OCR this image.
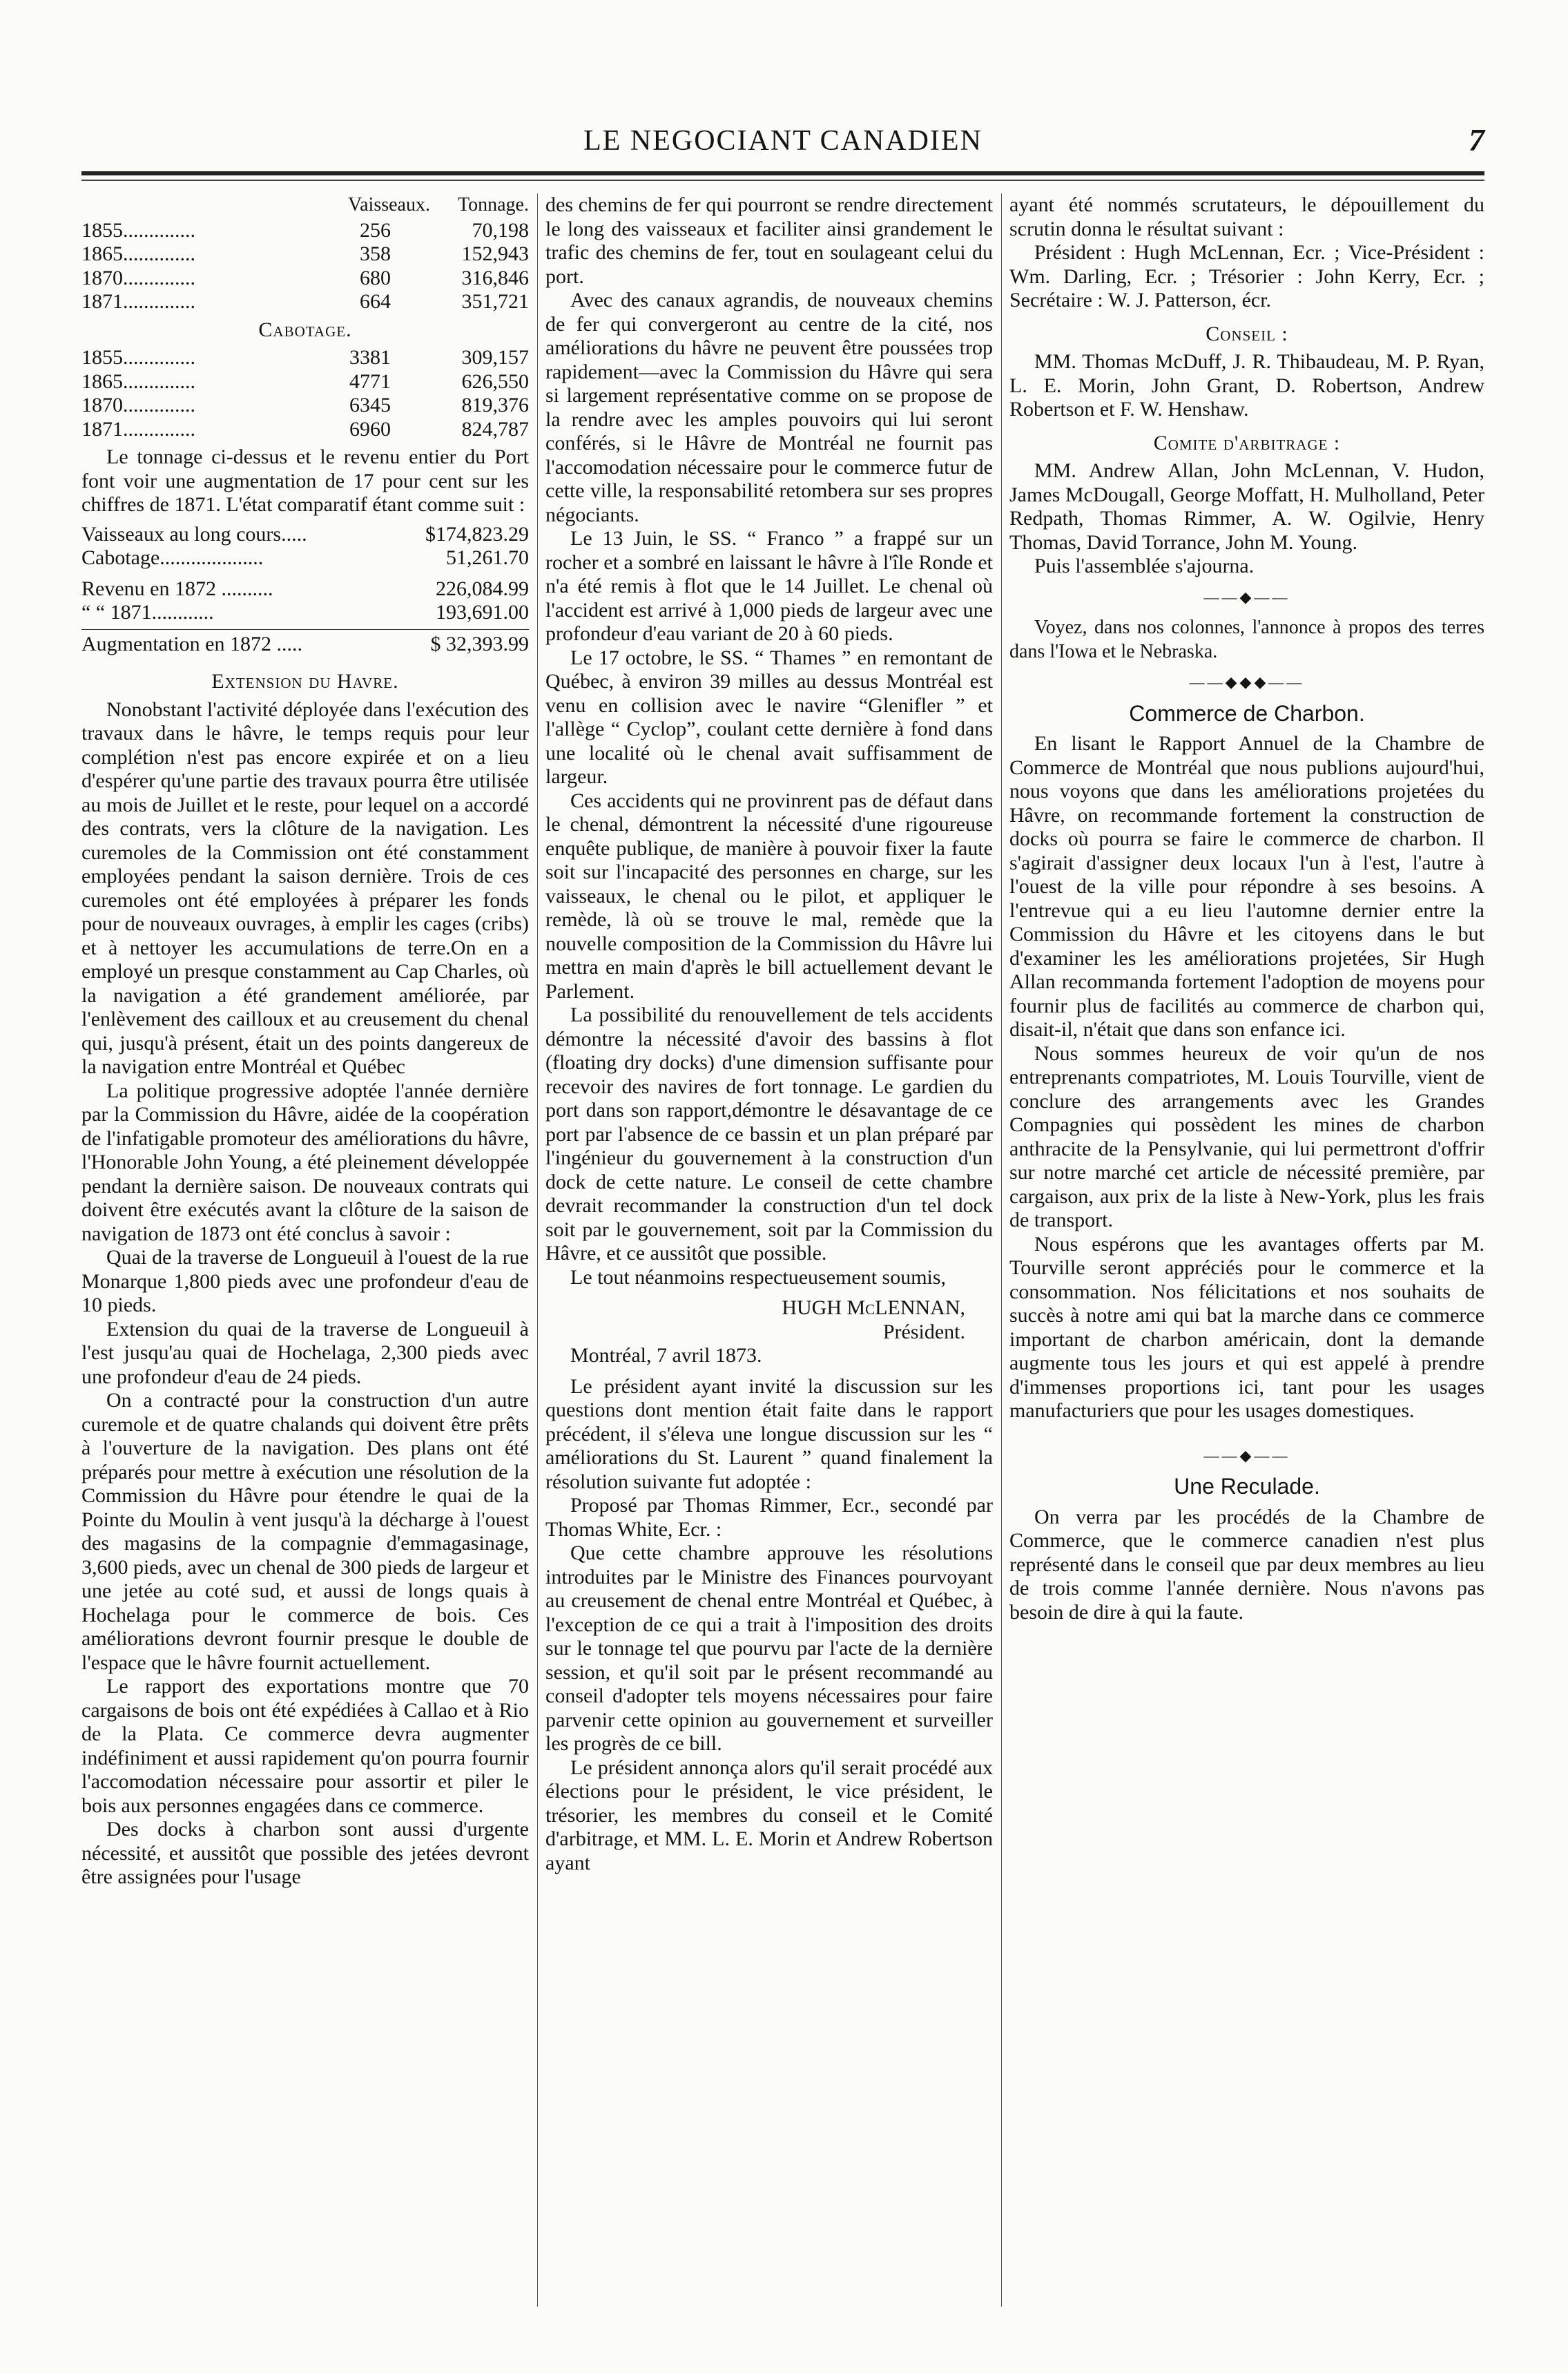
LE NEGOCIANT CANADIEN	7
Vaisseaux. Tonnage.
1855..............	256	70,198
1865..............	358	152,943
1870..............	680	316,846
1871..............	664	351,721

Cabotage.

1855..............	3381	309,157
1865..............	4771	626,550
1870..............	6345	819,376
1871..............	6960	824,787

Le tonnage ci-dessus et le revenu entier du Port font voir une augmentation de 17 pour cent sur les chiffres de 1871. L'état comparatif étant comme suit :

Vaisseaux au long cours.....	$174,823.29
Cabotage....................	51,261.70
Revenu en 1872 ..........	226,084.99
“ “ 1871............	193,691.00
Augmentation en 1872 .....	$ 32,393.99

Extension du Havre.

Nonobstant l'activité déployée dans l'exécution des travaux dans le hâvre, le temps requis pour leur complétion n'est pas encore expirée et on a lieu d'espérer qu'une partie des travaux pourra être utilisée au mois de Juillet et le reste, pour lequel on a accordé des contrats, vers la clôture de la navigation. Les curemoles de la Commission ont été constamment employées pendant la saison dernière. Trois de ces curemoles ont été employées à préparer les fonds pour de nouveaux ouvrages, à emplir les cages (cribs) et à nettoyer les accumulations de terre.On en a employé un presque constamment au Cap Charles, où la navigation a été grandement améliorée, par l'enlèvement des cailloux et au creusement du chenal qui, jusqu'à présent, était un des points dangereux de la navigation entre Montréal et Québec

La politique progressive adoptée l'année dernière par la Commission du Hâvre, aidée de la coopération de l'infatigable promoteur des améliorations du hâvre, l'Honorable John Young, a été pleinement développée pendant la dernière saison. De nouveaux contrats qui doivent être exécutés avant la clôture de la saison de navigation de 1873 ont été conclus à savoir :

Quai de la traverse de Longueuil à l'ouest de la rue Monarque 1,800 pieds avec une profondeur d'eau de 10 pieds.

Extension du quai de la traverse de Longueuil à l'est jusqu'au quai de Hochelaga, 2,300 pieds avec une profondeur d'eau de 24 pieds.

On a contracté pour la construction d'un autre curemole et de quatre chalands qui doivent être prêts à l'ouverture de la navigation. Des plans ont été préparés pour mettre à exécution une résolution de la Commission du Hâvre pour étendre le quai de la Pointe du Moulin à vent jusqu'à la décharge à l'ouest des magasins de la compagnie d'emmagasinage, 3,600 pieds, avec un chenal de 300 pieds de largeur et une jetée au coté sud, et aussi de longs quais à Hochelaga pour le commerce de bois. Ces améliorations devront fournir presque le double de l'espace que le hâvre fournit actuellement.

Le rapport des exportations montre que 70 cargaisons de bois ont été expédiées à Callao et à Rio de la Plata. Ce commerce devra augmenter indéfiniment et aussi rapidement qu'on pourra fournir l'accomodation nécessaire pour assortir et piler le bois aux personnes engagées dans ce commerce.

Des docks à charbon sont aussi d'urgente nécessité, et aussitôt que possible des jetées devront être assignées pour l'usage

des chemins de fer qui pourront se rendre directement le long des vaisseaux et faciliter ainsi grandement le trafic des chemins de fer, tout en soulageant celui du port.

Avec des canaux agrandis, de nouveaux chemins de fer qui convergeront au centre de la cité, nos améliorations du hâvre ne peuvent être poussées trop rapidement—avec la Commission du Hâvre qui sera si largement représentative comme on se propose de la rendre avec les amples pouvoirs qui lui seront conférés, si le Hâvre de Montréal ne fournit pas l'accomodation nécessaire pour le commerce futur de cette ville, la responsabilité retombera sur ses propres négociants.

Le 13 Juin, le SS. “ Franco ” a frappé sur un rocher et a sombré en laissant le hâvre à l'île Ronde et n'a été remis à flot que le 14 Juillet. Le chenal où l'accident est arrivé à 1,000 pieds de largeur avec une profondeur d'eau variant de 20 à 60 pieds.

Le 17 octobre, le SS. “ Thames ” en remontant de Québec, à environ 39 milles au dessus Montréal est venu en collision avec le navire “Glenifler ” et l'allège “ Cyclop”, coulant cette dernière à fond dans une localité où le chenal avait suffisamment de largeur.

Ces accidents qui ne provinrent pas de défaut dans le chenal, démontrent la nécessité d'une rigoureuse enquête publique, de manière à pouvoir fixer la faute soit sur l'incapacité des personnes en charge, sur les vaisseaux, le chenal ou le pilot, et appliquer le remède, là où se trouve le mal, remède que la nouvelle composition de la Commission du Hâvre lui mettra en main d'après le bill actuellement devant le Parlement.

La possibilité du renouvellement de tels accidents démontre la nécessité d'avoir des bassins à flot (floating dry docks) d'une dimension suffisante pour recevoir des navires de fort tonnage. Le gardien du port dans son rapport,démontre le désavantage de ce port par l'absence de ce bassin et un plan préparé par l'ingénieur du gouvernement à la construction d'un dock de cette nature. Le conseil de cette chambre devrait recommander la construction d'un tel dock soit par le gouvernement, soit par la Commission du Hâvre, et ce aussitôt que possible.

Le tout néanmoins respectueusement soumis,

HUGH McLENNAN,

Président.

Montréal, 7 avril 1873.

Le président ayant invité la discussion sur les questions dont mention était faite dans le rapport précédent, il s'éleva une longue discussion sur les “ améliorations du St. Laurent ” quand finalement la résolution suivante fut adoptée :

Proposé par Thomas Rimmer, Ecr., secondé par Thomas White, Ecr. :

Que cette chambre approuve les résolutions introduites par le Ministre des Finances pourvoyant au creusement de chenal entre Montréal et Québec, à l'exception de ce qui a trait à l'imposition des droits sur le tonnage tel que pourvu par l'acte de la dernière session, et qu'il soit par le présent recommandé au conseil d'adopter tels moyens nécessaires pour faire parvenir cette opinion au gouvernement et surveiller les progrès de ce bill.

Le président annonça alors qu'il serait procédé aux élections pour le président, le vice président, le trésorier, les membres du conseil et le Comité d'arbitrage, et MM. L. E. Morin et Andrew Robertson ayant

ayant été nommés scrutateurs, le dépouillement du scrutin donna le résultat suivant :

Président : Hugh McLennan, Ecr. ; Vice-Président : Wm. Darling, Ecr. ; Trésorier : John Kerry, Ecr. ; Secrétaire : W. J. Patterson, écr.

Conseil :

MM. Thomas McDuff, J. R. Thibaudeau, M. P. Ryan, L. E. Morin, John Grant, D. Robertson, Andrew Robertson et F. W. Henshaw.

Comite d'arbitrage :

MM. Andrew Allan, John McLennan, V. Hudon, James McDougall, George Moffatt, H. Mulholland, Peter Redpath, Thomas Rimmer, A. W. Ogilvie, Henry Thomas, David Torrance, John M. Young.

Puis l'assemblée s'ajourna.

——◆——

Voyez, dans nos colonnes, l'annonce à propos des terres dans l'Iowa et le Nebraska.

——◆◆◆——

Commerce de Charbon.

En lisant le Rapport Annuel de la Chambre de Commerce de Montréal que nous publions aujourd'hui, nous voyons que dans les améliorations projetées du Hâvre, on recommande fortement la construction de docks où pourra se faire le commerce de charbon. Il s'agirait d'assigner deux locaux l'un à l'est, l'autre à l'ouest de la ville pour répondre à ses besoins. A l'entrevue qui a eu lieu l'automne dernier entre la Commission du Hâvre et les citoyens dans le but d'examiner les les améliorations projetées, Sir Hugh Allan recommanda fortement l'adoption de moyens pour fournir plus de facilités au commerce de charbon qui, disait-il, n'était que dans son enfance ici.

Nous sommes heureux de voir qu'un de nos entreprenants compatriotes, M. Louis Tourville, vient de conclure des arrangements avec les Grandes Compagnies qui possèdent les mines de charbon anthracite de la Pensylvanie, qui lui permettront d'offrir sur notre marché cet article de nécessité première, par cargaison, aux prix de la liste à New-York, plus les frais de transport.

Nous espérons que les avantages offerts par M. Tourville seront appréciés pour le commerce et la consommation. Nos félicitations et nos souhaits de succès à notre ami qui bat la marche dans ce commerce important de charbon américain, dont la demande augmente tous les jours et qui est appelé à prendre d'immenses proportions ici, tant pour les usages manufacturiers que pour les usages domestiques.

——◆——

Une Reculade.

On verra par les procédés de la Chambre de Commerce, que le commerce canadien n'est plus représenté dans le conseil que par deux membres au lieu de trois comme l'année dernière. Nous n'avons pas besoin de dire à qui la faute.
